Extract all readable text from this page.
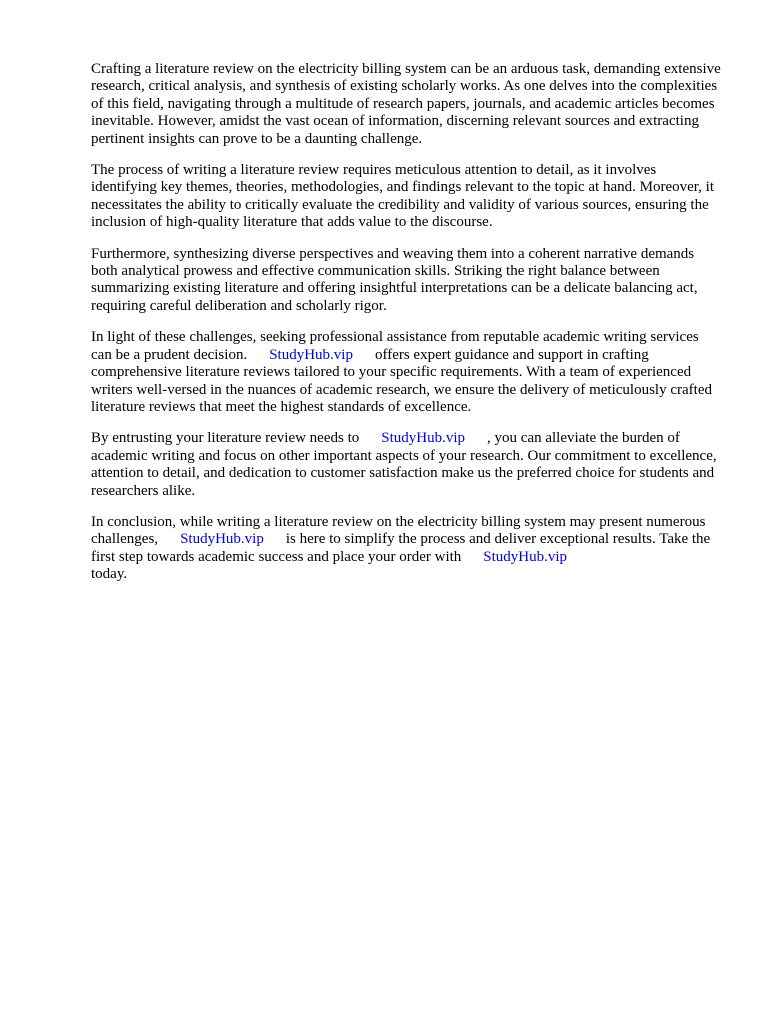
Crafting a literature review on the electricity billing system can be an arduous task, demanding extensive research, critical analysis, and synthesis of existing scholarly works. As one delves into the complexities of this field, navigating through a multitude of research papers, journals, and academic articles becomes inevitable. However, amidst the vast ocean of information, discerning relevant sources and extracting pertinent insights can prove to be a daunting challenge.

The process of writing a literature review requires meticulous attention to detail, as it involves identifying key themes, theories, methodologies, and findings relevant to the topic at hand. Moreover, it necessitates the ability to critically evaluate the credibility and validity of various sources, ensuring the inclusion of high-quality literature that adds value to the discourse.

Furthermore, synthesizing diverse perspectives and weaving them into a coherent narrative demands both analytical prowess and effective communication skills. Striking the right balance between summarizing existing literature and offering insightful interpretations can be a delicate balancing act, requiring careful deliberation and scholarly rigor.

In light of these challenges, seeking professional assistance from reputable academic writing services can be a prudent decision. StudyHub.vip offers expert guidance and support in crafting comprehensive literature reviews tailored to your specific requirements. With a team of experienced writers well-versed in the nuances of academic research, we ensure the delivery of meticulously crafted literature reviews that meet the highest standards of excellence.

By entrusting your literature review needs to StudyHub.vip , you can alleviate the burden of academic writing and focus on other important aspects of your research. Our commitment to excellence, attention to detail, and dedication to customer satisfaction make us the preferred choice for students and researchers alike.

In conclusion, while writing a literature review on the electricity billing system may present numerous challenges, StudyHub.vip is here to simplify the process and deliver exceptional results. Take the first step towards academic success and place your order with StudyHub.vip
today.
